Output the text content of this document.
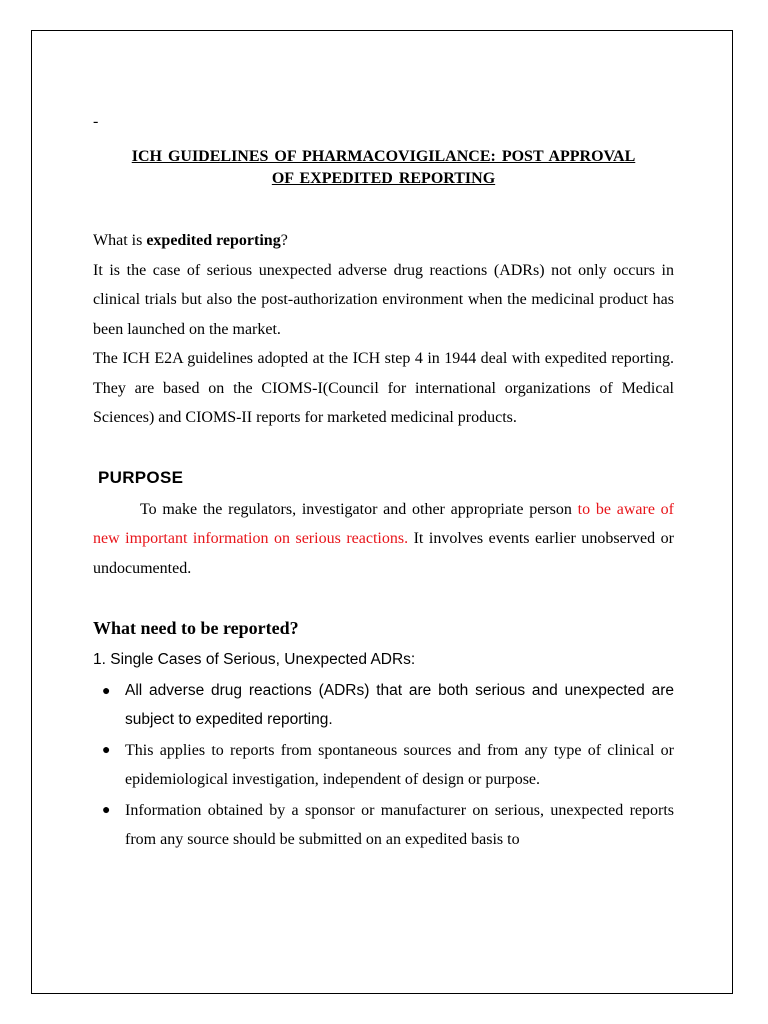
-
ICH GUIDELINES OF PHARMACOVIGILANCE: POST APPROVAL
OF EXPEDITED REPORTING

What is expedited reporting?

It is the case of serious unexpected adverse drug reactions (ADRs) not only occurs in clinical trials but also the post-authorization environment when the medicinal product has been launched on the market.

The ICH E2A guidelines adopted at the ICH step 4 in 1944 deal with expedited reporting. They are based on the CIOMS-I(Council for international organizations of Medical Sciences) and CIOMS-II reports for marketed medicinal products.

PURPOSE

To make the regulators, investigator and other appropriate person to be aware of new important information on serious reactions. It involves events earlier unobserved or undocumented.

What need to be reported?

1. Single Cases of Serious, Unexpected ADRs:

● All adverse drug reactions (ADRs) that are both serious and unexpected are subject to expedited reporting.
● This applies to reports from spontaneous sources and from any type of clinical or epidemiological investigation, independent of design or purpose.
● Information obtained by a sponsor or manufacturer on serious, unexpected reports from any source should be submitted on an expedited basis to
